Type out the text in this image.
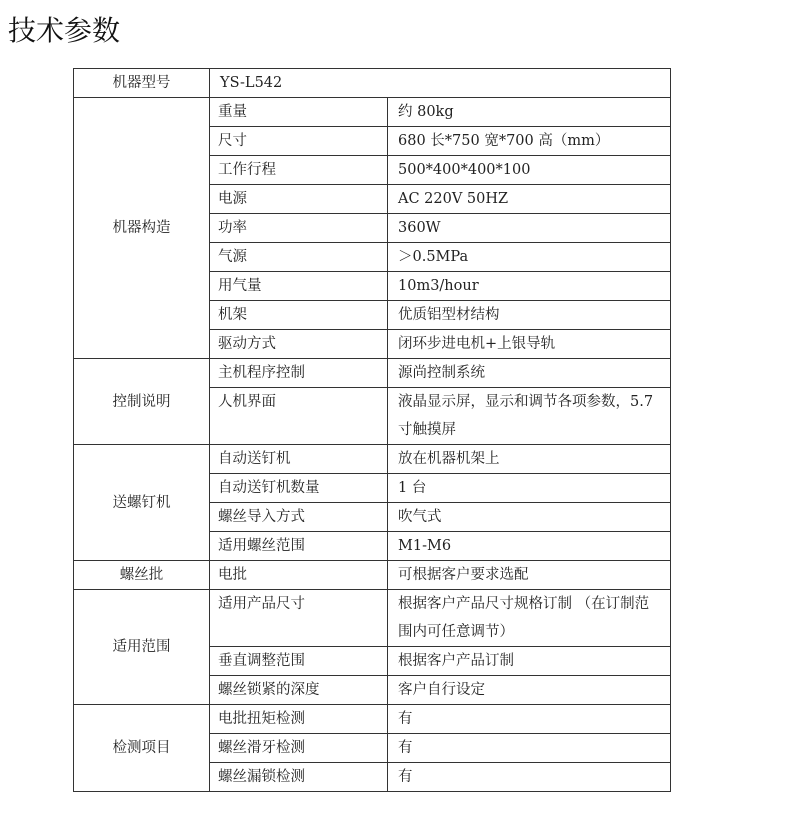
技术参数
机器型号	YS-L542	
机器构造	重量	约 80kg
	尺寸	680 长*750 宽*700 高（mm）
	工作行程	500*400*400*100
	电源	AC 220V 50HZ
	功率	360W
	气源	＞0.5MPa
	用气量	10m3/hour
	机架	优质铝型材结构
	驱动方式	闭环步进电机+上银导轨
控制说明	主机程序控制	源尚控制系统
	人机界面	液晶显示屏，显示和调节各项参数，5.7 寸触摸屏
送螺钉机	自动送钉机	放在机器机架上
	自动送钉机数量	1 台
	螺丝导入方式	吹气式
	适用螺丝范围	M1-M6
螺丝批	电批	可根据客户要求选配
适用范围	适用产品尺寸	根据客户产品尺寸规格订制 （在订制范围内可任意调节）
	垂直调整范围	根据客户产品订制
	螺丝锁紧的深度	客户自行设定
检测项目	电批扭矩检测	有
	螺丝滑牙检测	有
	螺丝漏锁检测	有
